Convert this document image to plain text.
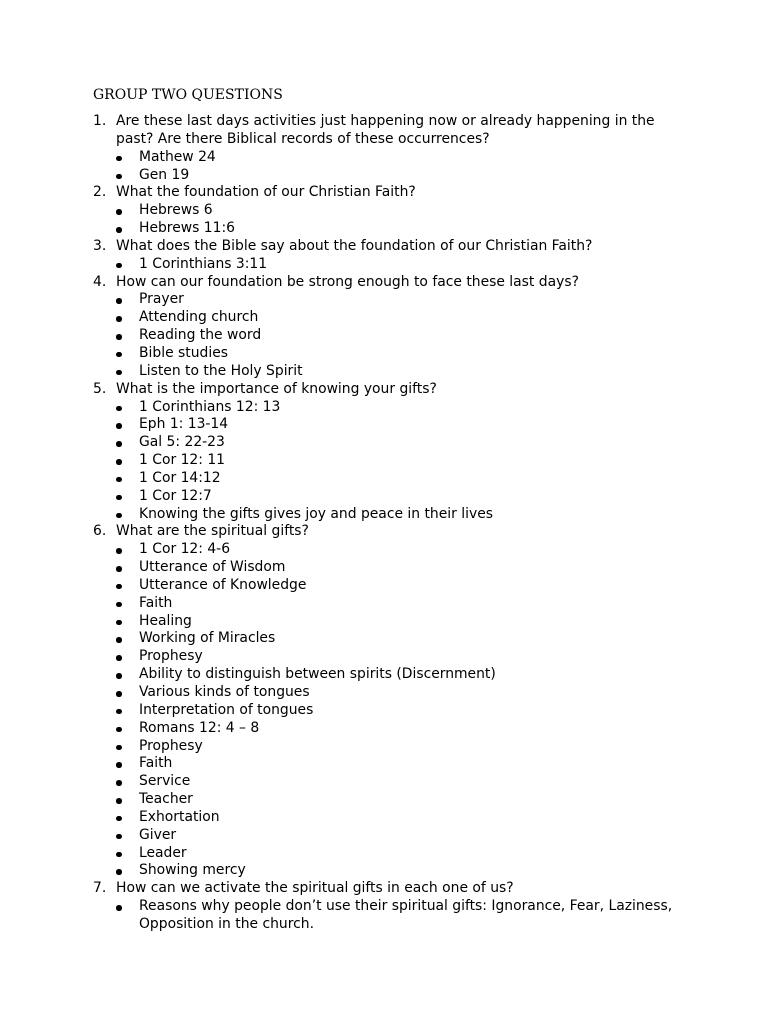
GROUP TWO QUESTIONS
1. Are these last days activities just happening now or already happening in the past? Are there Biblical records of these occurrences?
Mathew 24
Gen 19
2. What the foundation of our Christian Faith?
Hebrews 6
Hebrews 11:6
3. What does the Bible say about the foundation of our Christian Faith?
1 Corinthians 3:11
4. How can our foundation be strong enough to face these last days?
Prayer
Attending church
Reading the word
Bible studies
Listen to the Holy Spirit
5. What is the importance of knowing your gifts?
1 Corinthians 12: 13
Eph 1: 13-14
Gal 5: 22-23
1 Cor 12: 11
1 Cor 14:12
1 Cor 12:7
Knowing the gifts gives joy and peace in their lives
6. What are the spiritual gifts?
1 Cor 12: 4-6
Utterance of Wisdom
Utterance of Knowledge
Faith
Healing
Working of Miracles
Prophesy
Ability to distinguish between spirits (Discernment)
Various kinds of tongues
Interpretation of tongues
Romans 12: 4 – 8
Prophesy
Faith
Service
Teacher
Exhortation
Giver
Leader
Showing mercy
7. How can we activate the spiritual gifts in each one of us?
Reasons why people don’t use their spiritual gifts: Ignorance, Fear, Laziness, Opposition in the church.
